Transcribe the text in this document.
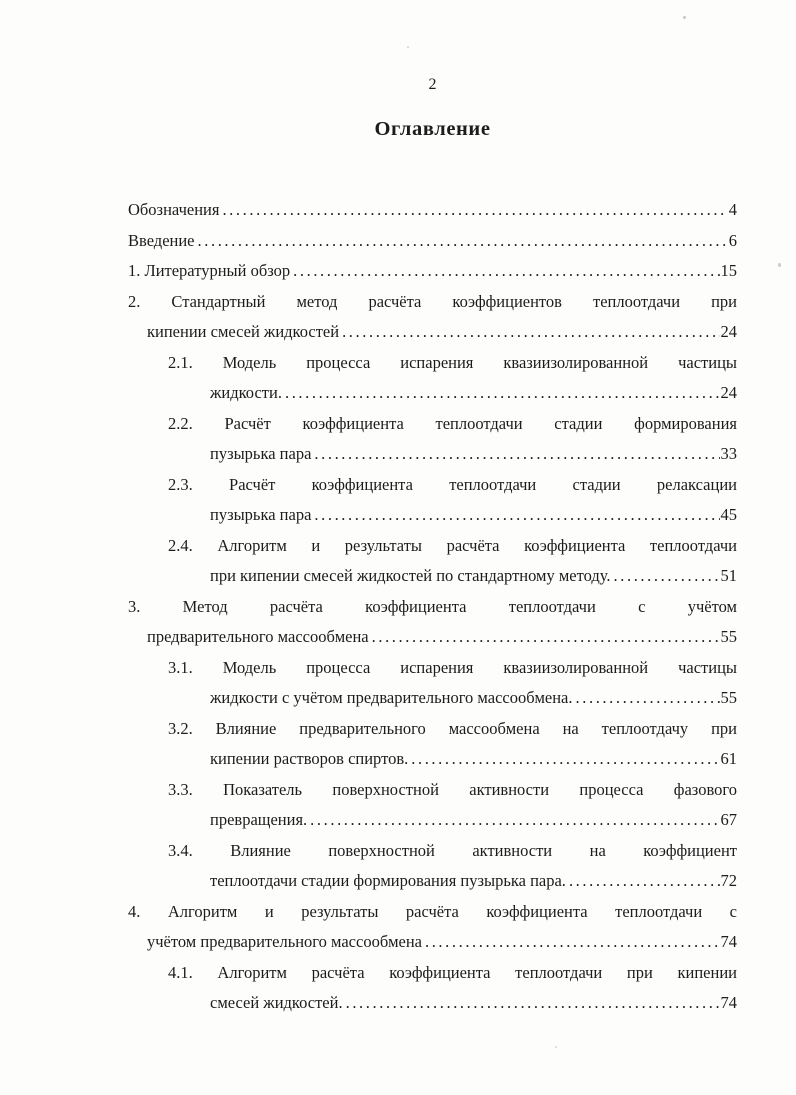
2
Оглавление
Обозначения .....	4
Введение .....	6
1. Литературный обзор .....	15
2. Стандартный метод расчёта коэффициентов теплоотдачи при
кипении смесей жидкостей .....	24
2.1. Модель процесса испарения квазиизолированной частицы
жидкости. .....	24
2.2. Расчёт коэффициента теплоотдачи стадии формирования
пузырька пара .....	33
2.3. Расчёт коэффициента теплоотдачи стадии релаксации
пузырька пара .....	45
2.4. Алгоритм и результаты расчёта коэффициента теплоотдачи
при кипении смесей жидкостей по стандартному методу. .....	51
3. Метод расчёта коэффициента теплоотдачи с учётом
предварительного массообмена .....	55
3.1. Модель процесса испарения квазиизолированной частицы
жидкости с учётом предварительного массообмена. .....	55
3.2. Влияние предварительного массообмена на теплоотдачу при
кипении растворов спиртов. .....	61
3.3. Показатель поверхностной активности процесса фазового
превращения. .....	67
3.4. Влияние поверхностной активности на коэффициент
теплоотдачи стадии формирования пузырька пара. .....	72
4. Алгоритм и результаты расчёта коэффициента теплоотдачи с
учётом предварительного массообмена .....	74
4.1. Алгоритм расчёта коэффициента теплоотдачи при кипении
смесей жидкостей. .....	74
